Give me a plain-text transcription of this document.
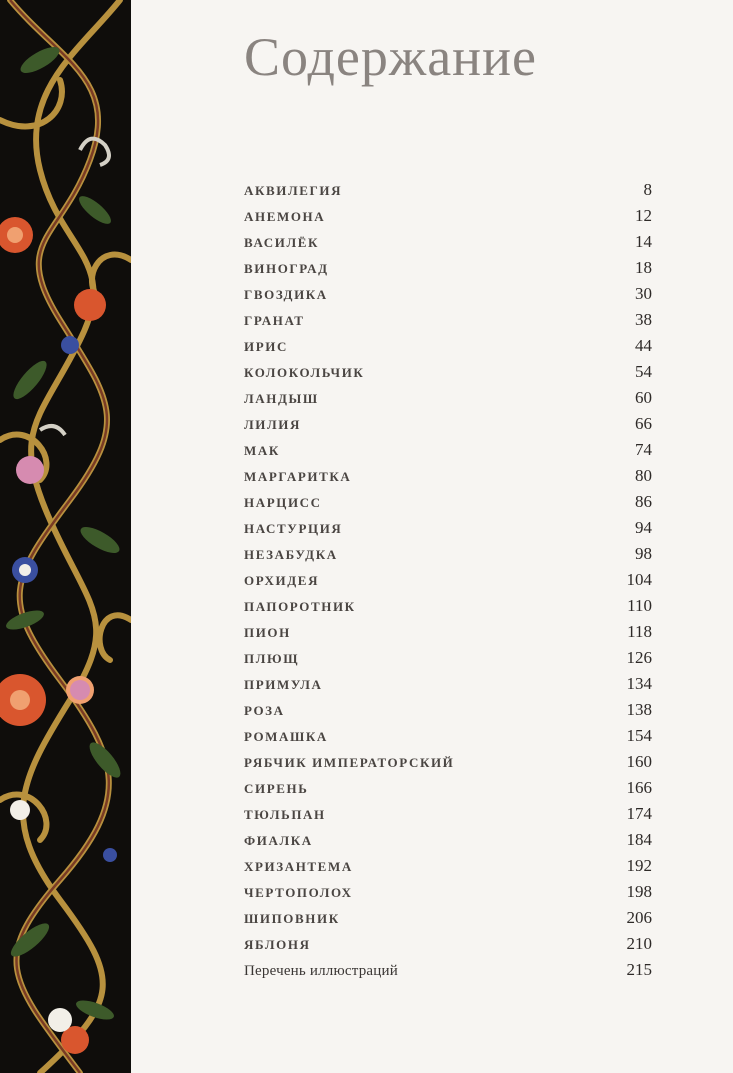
Содержание
АКВИЛЕГИЯ	8
АНЕМОНА	12
ВАСИЛЁК	14
ВИНОГРАД	18
ГВОЗДИКА	30
ГРАНАТ	38
ИРИС	44
КОЛОКОЛЬЧИК	54
ЛАНДЫШ	60
ЛИЛИЯ	66
МАК	74
МАРГАРИТКА	80
НАРЦИСС	86
НАСТУРЦИЯ	94
НЕЗАБУДКА	98
ОРХИДЕЯ	104
ПАПОРОТНИК	110
ПИОН	118
ПЛЮЩ	126
ПРИМУЛА	134
РОЗА	138
РОМАШКА	154
РЯБЧИК ИМПЕРАТОРСКИЙ	160
СИРЕНЬ	166
ТЮЛЬПАН	174
ФИАЛКА	184
ХРИЗАНТЕМА	192
ЧЕРТОПОЛОХ	198
ШИПОВНИК	206
ЯБЛОНЯ	210
Перечень иллюстраций	215
